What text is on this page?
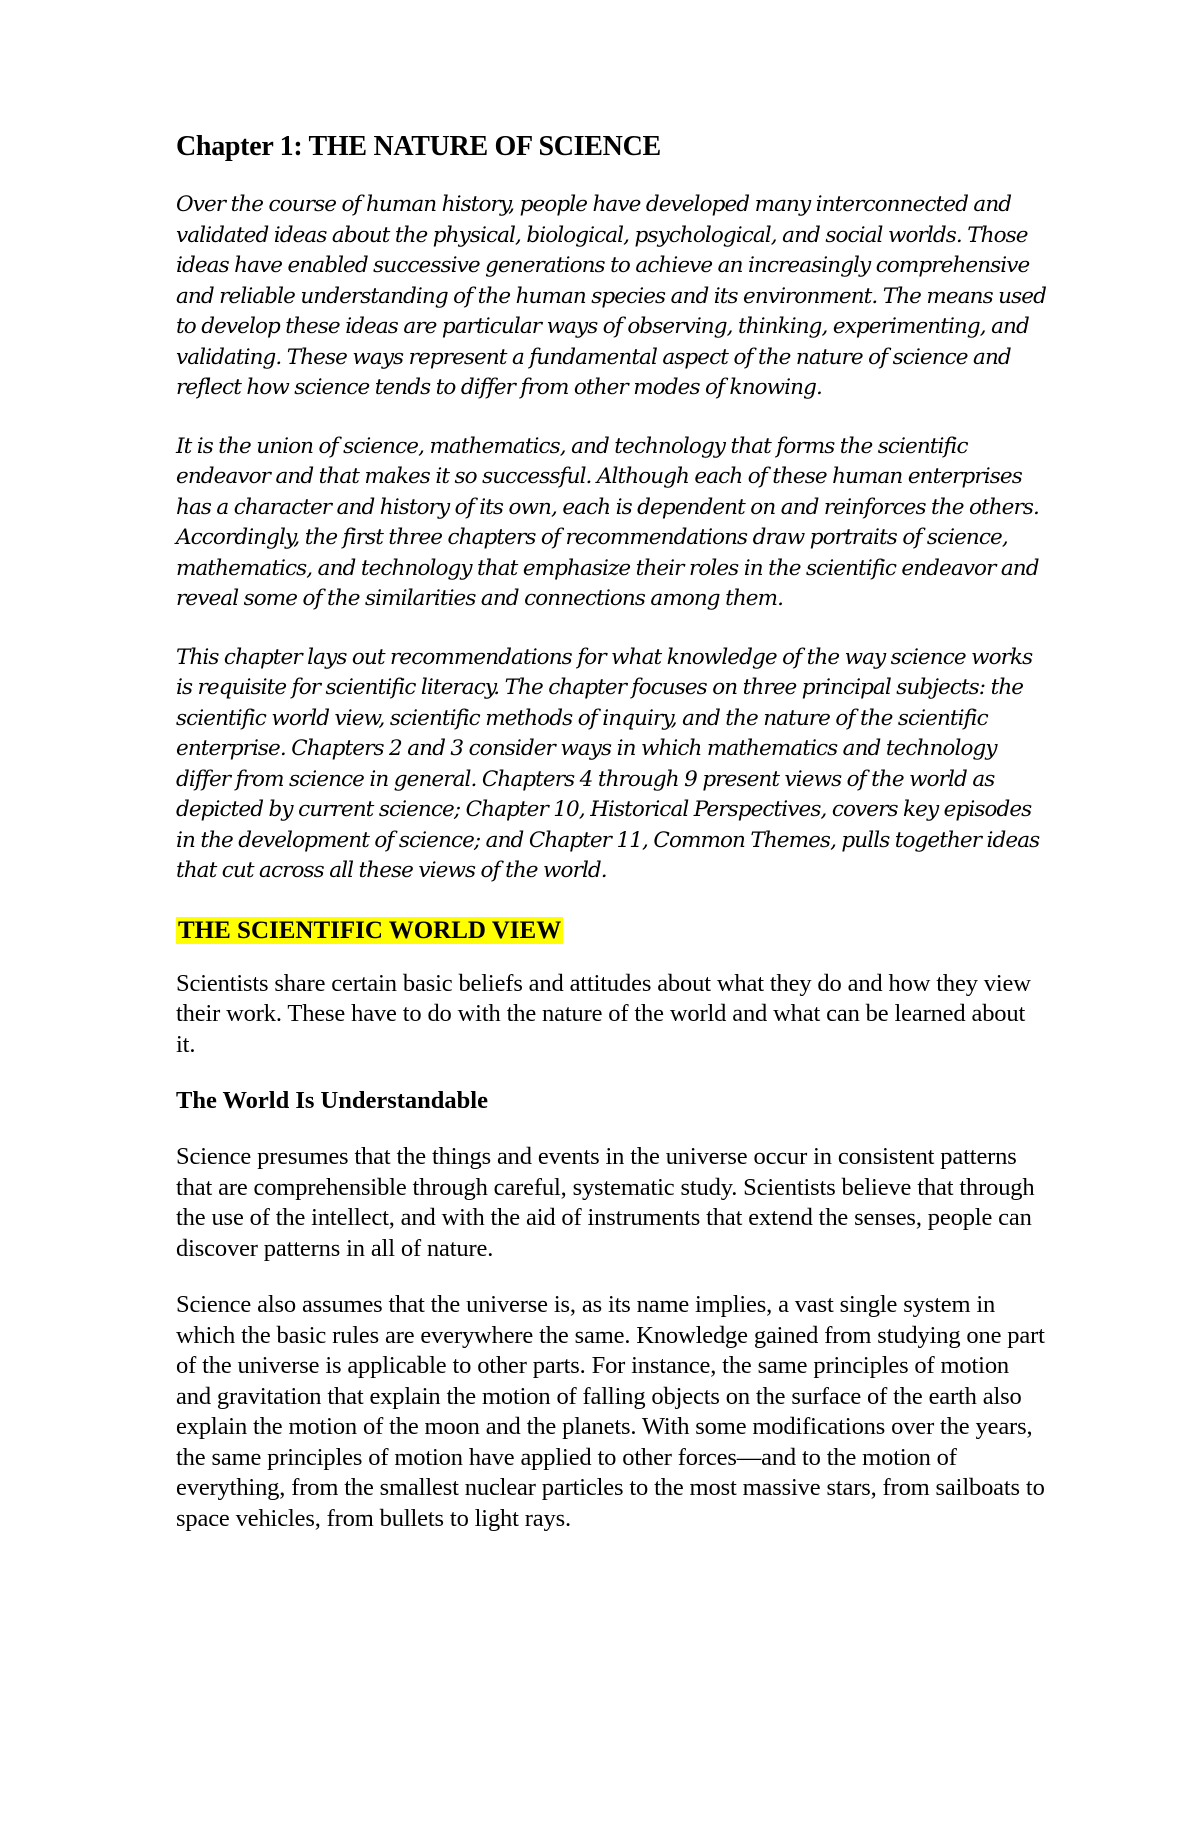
Chapter 1: THE NATURE OF SCIENCE

Over the course of human history, people have developed many interconnected and validated ideas about the physical, biological, psychological, and social worlds. Those ideas have enabled successive generations to achieve an increasingly comprehensive and reliable understanding of the human species and its environment. The means used to develop these ideas are particular ways of observing, thinking, experimenting, and validating. These ways represent a fundamental aspect of the nature of science and reflect how science tends to differ from other modes of knowing.

It is the union of science, mathematics, and technology that forms the scientific endeavor and that makes it so successful. Although each of these human enterprises has a character and history of its own, each is dependent on and reinforces the others. Accordingly, the first three chapters of recommendations draw portraits of science, mathematics, and technology that emphasize their roles in the scientific endeavor and reveal some of the similarities and connections among them.

This chapter lays out recommendations for what knowledge of the way science works is requisite for scientific literacy. The chapter focuses on three principal subjects: the scientific world view, scientific methods of inquiry, and the nature of the scientific enterprise. Chapters 2 and 3 consider ways in which mathematics and technology differ from science in general. Chapters 4 through 9 present views of the world as depicted by current science; Chapter 10, Historical Perspectives, covers key episodes in the development of science; and Chapter 11, Common Themes, pulls together ideas that cut across all these views of the world.

THE SCIENTIFIC WORLD VIEW

Scientists share certain basic beliefs and attitudes about what they do and how they view their work. These have to do with the nature of the world and what can be learned about it.

The World Is Understandable

Science presumes that the things and events in the universe occur in consistent patterns that are comprehensible through careful, systematic study. Scientists believe that through the use of the intellect, and with the aid of instruments that extend the senses, people can discover patterns in all of nature.

Science also assumes that the universe is, as its name implies, a vast single system in which the basic rules are everywhere the same. Knowledge gained from studying one part of the universe is applicable to other parts. For instance, the same principles of motion and gravitation that explain the motion of falling objects on the surface of the earth also explain the motion of the moon and the planets. With some modifications over the years, the same principles of motion have applied to other forces—and to the motion of everything, from the smallest nuclear particles to the most massive stars, from sailboats to space vehicles, from bullets to light rays.
